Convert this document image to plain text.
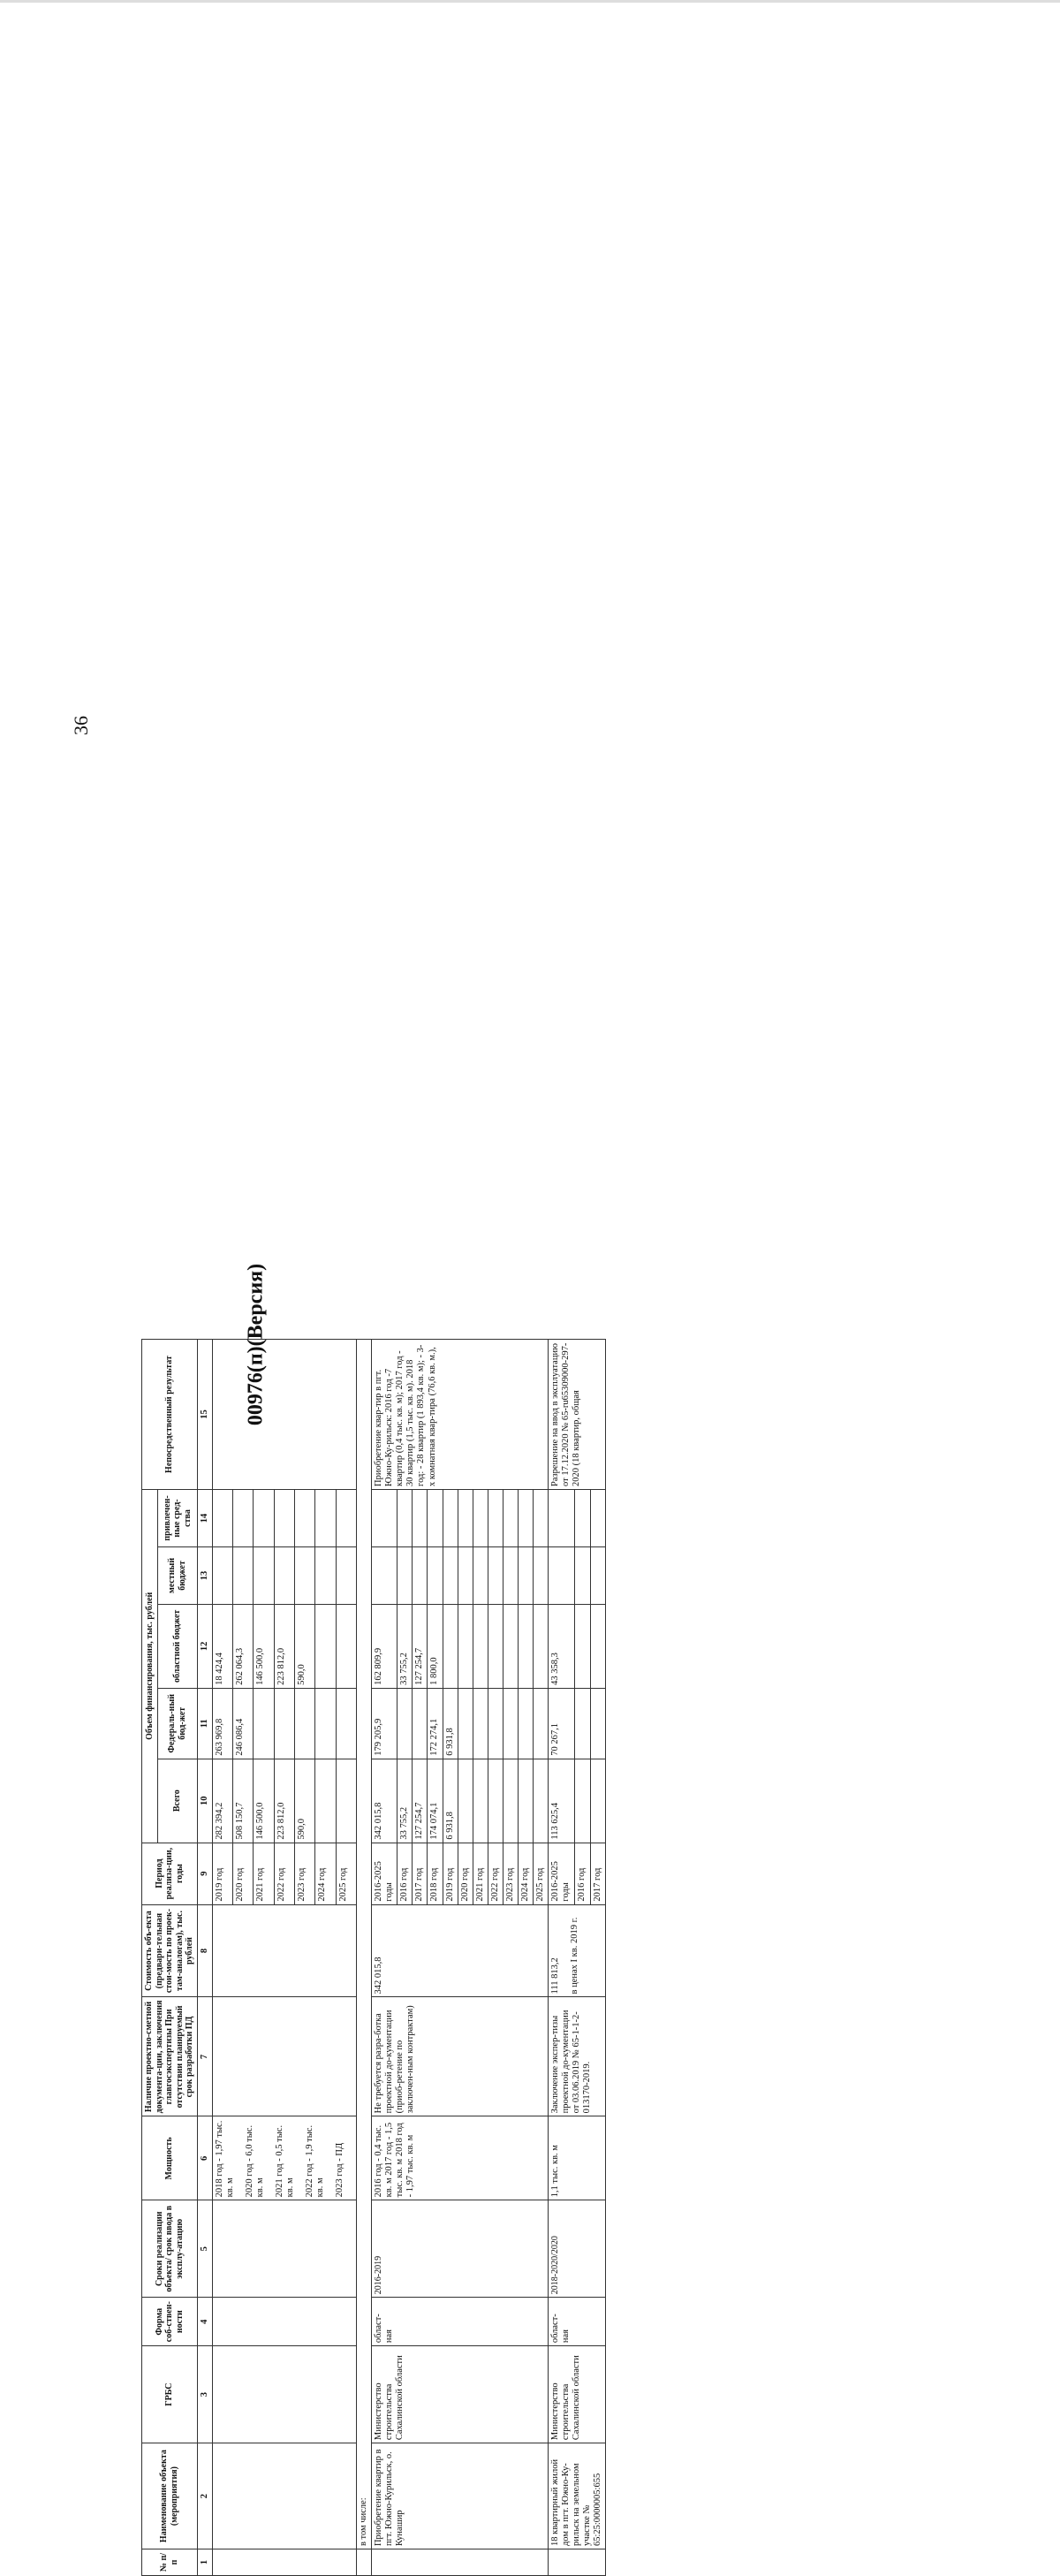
36
00976(п)(Версия)
№ п/п	Наименование объекта (мероприятия)	ГРБС	Форма соб-ствен-ности	Сроки реализации объекта/ срок ввода в эксплу-атацию	Мощность	Наличие проектно-сметной документа-ции, заключения главгосэкспертизы При отсутствии планируемый срок разработки ПД	Стоимость объ-екта (предвари-тельная стои-мость по проек-там-аналогам), тыс. рублей	Период реализа-ции, годы	Объем финансирования, тыс. рублей					Непосредственный результат
									Всего	Федераль-ный бюд-жет	областной бюджет	местный бюджет	привлечен-ные сред-ства	
1	2	3	4	5	6	7	8	9	10	11	12	13	14	15

					2018 год - 1,97 тыс. кв. м 2020 год - 6,0 тыс. кв. м 2021 год - 0,5 тыс. кв. м 2022 год - 1,9 тыс. кв. м 2023 год - ПД			2019 год	282 394,2	263 969,8	18 424,4			
								2020 год	508 150,7	246 086,4	262 064,3			
								2021 год	146 500,0		146 500,0			
								2022 год	223 812,0		223 812,0			
								2023 год	590,0		590,0			
								2024 год						
								2025 год						
	в том числе:													
	Приобретение квартир в пгт. Южно-Курильск, о. Кунашир	Министерство строительства Сахалинской области	област-ная	2016-2019	2016 год - 0,4 тыс. кв. м 2017 год - 1,5 тыс. кв. м 2018 год - 1,97 тыс. кв. м	Не требуется разра-ботка проектной до-кументации (приоб-ретение по заключен-ным контрактам)	342 015,8	2016-2025 годы	342 015,8	179 205,9	162 809,9			Приобретение квар-тир в пгт. Южно-Ку-рильск: 2016 год -7 квартир (0,4 тыс. кв. м); 2017 год - 30 квартир (1,5 тыс. кв. м). 2018 год: - 28 квартир (1 893,4 кв. м); - 3-х комнатная квар-тира (76,6 кв. м.),
								2016 год	33 755,2		33 755,2			
								2017 год	127 254,7		127 254,7			
								2018 год	174 074,1	172 274,1	1 800,0			
								2019 год	6 931,8	6 931,8				
								2020 год						
								2021 год						
								2022 год						
								2023 год						
								2024 год						
								2025 год						
	18 квартирный жилой дом в пгт. Южно-Ку-рильск на земельном участке № 65:25:0000005:655	Министерство строительства Сахалинской области	област-ная	2018-2020/2020	1,1 тыс. кв. м	Заключение экспер-тизы проектной до-кументации от 03.06.2019 № 65-1-1-2-013170-2019.	111 813,2 в ценах I кв. 2019 г.	2016-2025 годы	113 625,4	70 267,1	43 358,3			Разрешение на ввод в эксплуатацию от 17.12.2020 № 65-ru65309000-297-2020 (18 квартир, общая
								2016 год						
								2017 год						
